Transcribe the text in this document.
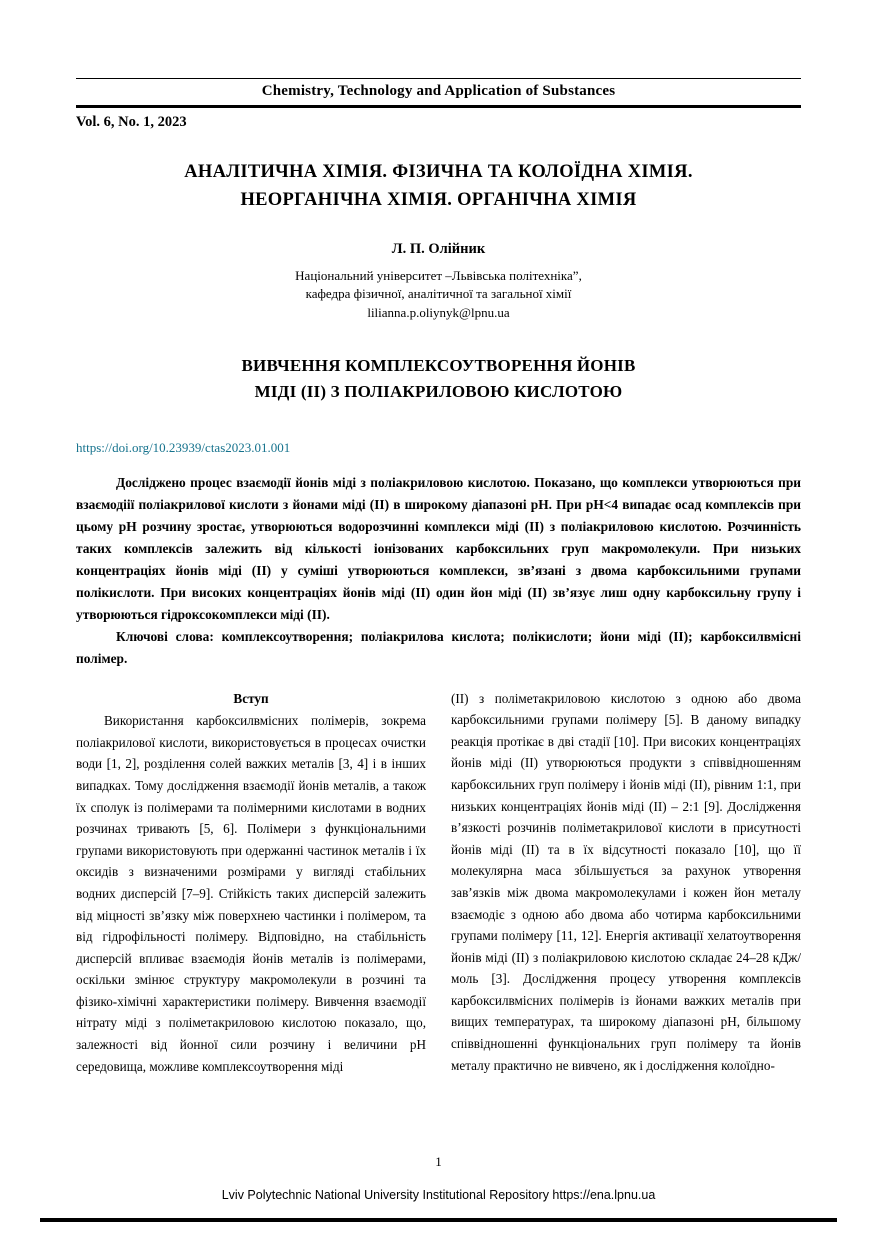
Chemistry, Technology and Application of Substances
Vol. 6, No. 1, 2023
АНАЛІТИЧНА ХІМІЯ. ФІЗИЧНА ТА КОЛОЇДНА ХІМІЯ.
НЕОРГАНІЧНА ХІМІЯ. ОРГАНІЧНА ХІМІЯ
Л. П. Олійник
Національний університет –Львівська політехніка”,
кафедра фізичної, аналітичної та загальної хімії
lilianna.p.oliynyk@lpnu.ua
ВИВЧЕННЯ КОМПЛЕКСОУТВОРЕННЯ ЙОНІВ
МІДІ (ІІ) З ПОЛІАКРИЛОВОЮ КИСЛОТОЮ
https://doi.org/10.23939/ctas2023.01.001

Досліджено процес взаємодії йонів міді з поліакриловою кислотою. Показано, що комплекси утворюються при взаємодіії поліакрилової кислоти з йонами міді (ІІ) в широкому діапазоні рН. При рН<4 випадає осад комплексів при цьому рН розчину зростає, утворюються водорозчинні комплекси міді (ІІ) з поліакриловою кислотою. Розчинність таких комплексів залежить від кількості іонізованих карбоксильних груп макромолекули. При низьких концентраціях йонів міді (ІІ) у суміші утворюються комплекси, зв’язані з двома карбоксильними групами полікислоти. При високих концентраціях йонів міді (ІІ) один йон міді (ІІ) зв’язує лиш одну карбоксильну групу і утворюються гідроксокомплекси міді (ІІ).

Ключові слова: комплексоутворення; поліакрилова кислота; полікислоти; йони міді (ІІ); карбоксилвмісні полімер.

Вступ

Використання карбоксилвмісних полімерів, зокрема поліакрилової кислоти, використовується в процесах очистки води [1, 2], розділення солей важких металів [3, 4] і в інших випадках. Тому дослідження взаємодії йонів металів, а також їх сполук із полімерами та полімерними кислотами в водних розчинах тривають [5, 6]. Полімери з функціональними групами використовують при одержанні частинок металів і їх оксидів з визначеними розмірами у вигляді стабільних водних дисперсій [7–9]. Стійкість таких дисперсій залежить від міцності зв’язку між поверхнею частинки і полімером, та від гідрофільності полімеру. Відповідно, на стабільність дисперсій впливає взаємодія йонів металів із полімерами, оскільки змінює структуру макромолекули в розчині та фізико-хімічні характеристики полімеру. Вивчення взаємодії нітрату міді з поліметакриловою кислотою показало, що, залежності від йонної сили розчину і величини рН середовища, можливе комплексоутворення міді

(ІІ) з поліметакриловою кислотою з одною або двома карбоксильними групами полімеру [5]. В даному випадку реакція протікає в дві стадії [10]. При високих концентраціях йонів міді (ІІ) утворюються продукти з співвідношенням карбоксильних груп полімеру і йонів міді (ІІ), рівним 1:1, при низьких концентраціях йонів міді (ІІ) – 2:1 [9]. Дослідження в’язкості розчинів поліметакрилової кислоти в присутності йонів міді (ІІ) та в їх відсутності показало [10], що її молекулярна маса збільшується за рахунок утворення зав’язків між двома макромолекулами і кожен йон металу взаємодіє з одною або двома або чотирма карбоксильними групами полімеру [11, 12]. Енергія активації хелатоутворення йонів міді (ІІ) з поліакриловою кислотою складає 24–28 кДж/моль [3]. Дослідження процесу утворення комплексів карбоксилвмісних полімерів із йонами важких металів при вищих температурах, та широкому діапазоні рН, більшому співвідношенні функціональних груп полімеру та йонів металу практично не вивчено, як і дослідження колоїдно-

1
Lviv Polytechnic National University Institutional Repository https://ena.lpnu.ua
